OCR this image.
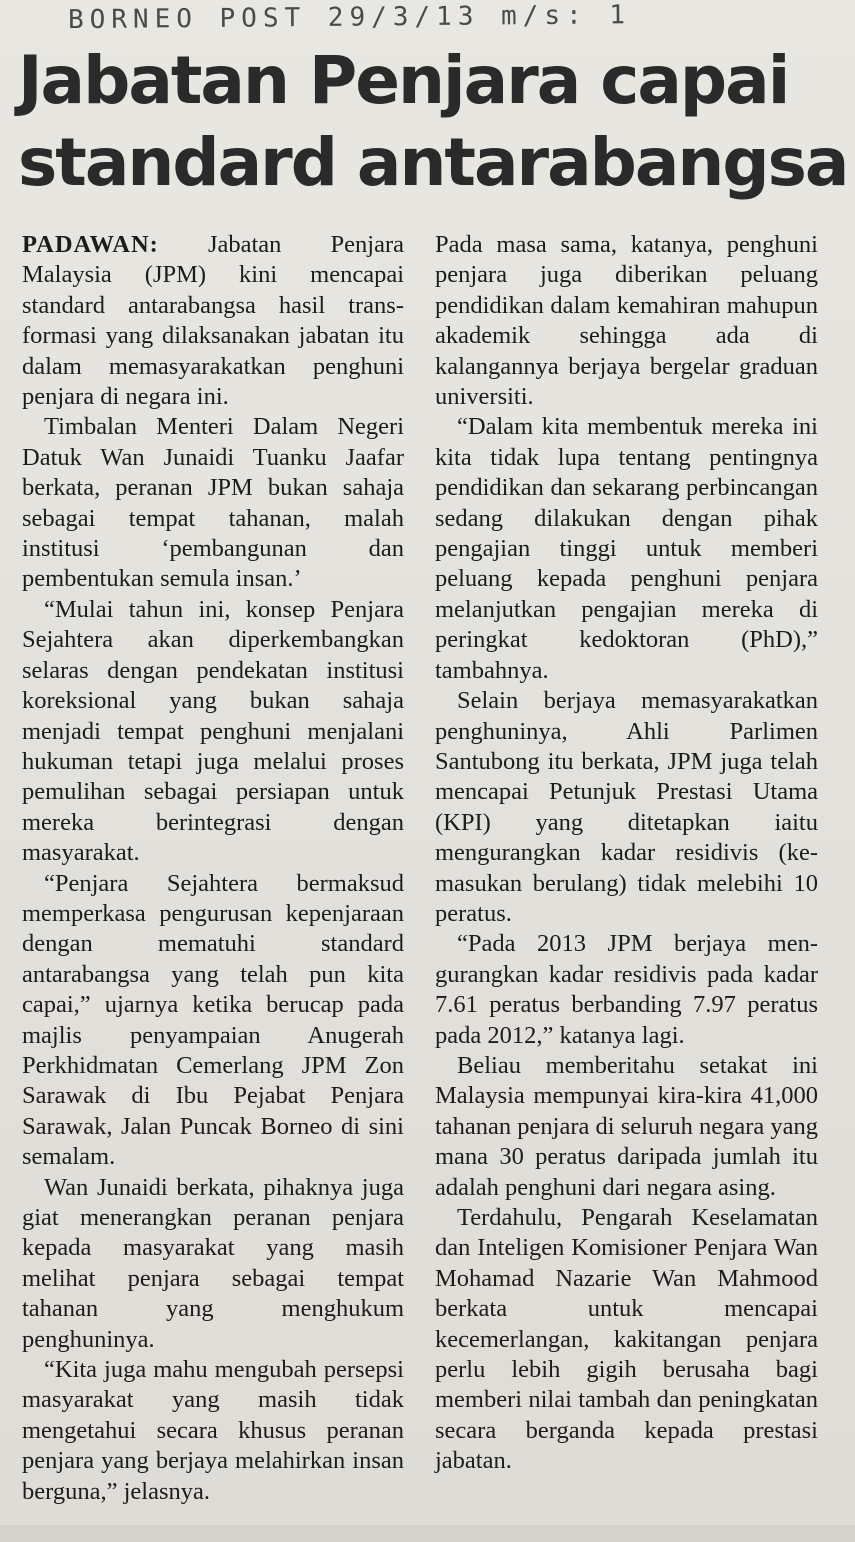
BORNEO POST 29/3/13 m/s: 1
Jabatan Penjara capai
standard antarabangsa

PADAWAN: Jabatan Penjara Malaysia (JPM) kini mencapai standard antarabangsa hasil transformasi yang dilaksanakan jabatan itu dalam memasyarakatkan penghuni penjara di negara ini.

Timbalan Menteri Dalam Negeri Datuk Wan Junaidi Tuanku Jaafar berkata, peranan JPM bukan sahaja sebagai tempat tahanan, malah institusi ‘pembangunan dan pembentukan semula insan.’

“Mulai tahun ini, konsep Penjara Sejahtera akan diperkembangkan selaras dengan pendekatan institusi koreksional yang bukan sahaja menjadi tempat penghuni menjalani hukuman tetapi juga melalui proses pemulihan sebagai persiapan untuk mereka berintegrasi dengan masyarakat.

“Penjara Sejahtera bermaksud memperkasa pengurusan kepenjaraan dengan mematuhi standard antarabangsa yang telah pun kita capai,” ujarnya ketika berucap pada majlis penyampaian Anugerah Perkhidmatan Cemerlang JPM Zon Sarawak di Ibu Pejabat Penjara Sarawak, Jalan Puncak Borneo di sini semalam.

Wan Junaidi berkata, pihaknya juga giat menerangkan peranan penjara kepada masyarakat yang masih melihat penjara sebagai tempat tahanan yang menghukum penghuninya.

“Kita juga mahu mengubah persepsi masyarakat yang masih tidak mengetahui secara khusus peranan penjara yang berjaya melahirkan insan berguna,” jelasnya.

Pada masa sama, katanya, penghuni penjara juga diberikan peluang pendidikan dalam kemahiran mahupun akademik sehingga ada di kalangannya berjaya bergelar graduan universiti.

“Dalam kita membentuk mereka ini kita tidak lupa tentang pentingnya pendidikan dan sekarang perbincangan sedang dilakukan dengan pihak pengajian tinggi untuk memberi peluang kepada penghuni penjara melanjutkan pengajian mereka di peringkat kedoktoran (PhD),” tambahnya.

Selain berjaya memasyarakatkan penghuninya, Ahli Parlimen Santubong itu berkata, JPM juga telah mencapai Petunjuk Prestasi Utama (KPI) yang ditetapkan iaitu mengurangkan kadar residivis (kemasukan berulang) tidak melebihi 10 peratus.

“Pada 2013 JPM berjaya mengurangkan kadar residivis pada kadar 7.61 peratus berbanding 7.97 peratus pada 2012,” katanya lagi.

Beliau memberitahu setakat ini Malaysia mempunyai kira-kira 41,000 tahanan penjara di seluruh negara yang mana 30 peratus daripada jumlah itu adalah penghuni dari negara asing.

Terdahulu, Pengarah Keselamatan dan Inteligen Komisioner Penjara Wan Mohamad Nazarie Wan Mahmood berkata untuk mencapai kecemerlangan, kakitangan penjara perlu lebih gigih berusaha bagi memberi nilai tambah dan peningkatan secara berganda kepada prestasi jabatan.
